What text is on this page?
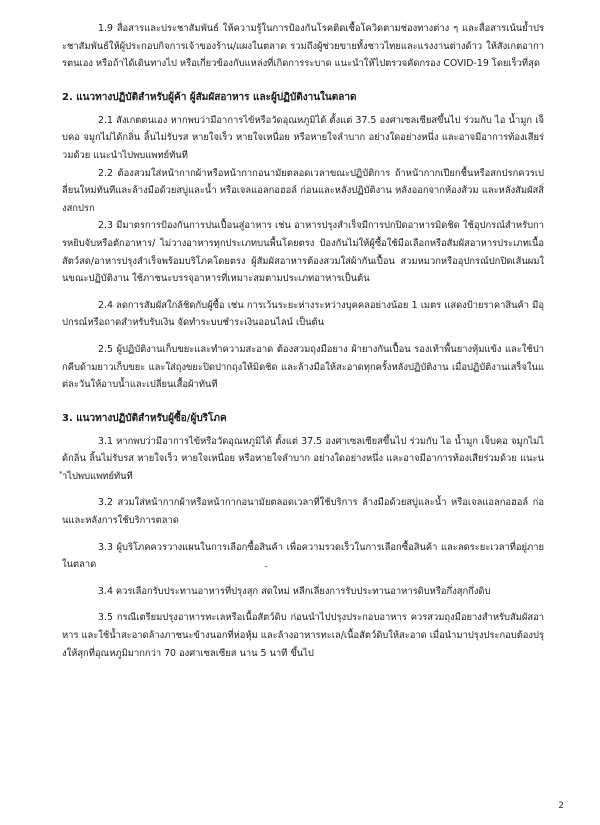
1.9 สื่อสารและประชาสัมพันธ์ ให้ความรู้ในการป้องกันโรคติดเชื้อโควิดตามช่องทางต่าง ๆ และสื่อสารเน้นย้ำประชาสัมพันธ์ให้ผู้ประกอบกิจการเจ้าของร้าน/แผงในตลาด รวมถึงผู้ช่วยขายทั้งชาวไทยและแรงงานต่างด้าว ให้สังเกตอาการตนเอง หรือถ้าได้เดินทางไป หรือเกี่ยวข้องกับแหล่งที่เกิดการระบาด แนะนำให้ไปตรวจคัดกรอง COVID-19 โดยเร็วที่สุด

2. แนวทางปฏิบัติสำหรับผู้ค้า ผู้สัมผัสอาหาร และผู้ปฏิบัติงานในตลาด

2.1 สังเกตตนเอง หากพบว่ามีอาการไข้หรือวัดอุณหภูมิได้ ตั้งแต่ 37.5 องศาเซลเซียสขึ้นไป ร่วมกับ ไอ น้ำมูก เจ็บคอ จมูกไม่ได้กลิ่น ลิ้นไม่รับรส หายใจเร็ว หายใจเหนื่อย หรือหายใจลำบาก อย่างใดอย่างหนึ่ง และอาจมีอาการท้องเสียร่วมด้วย แนะนำไปพบแพทย์ทันที

2.2 ต้องสวมใส่หน้ากากผ้าหรือหน้ากากอนามัยตลอดเวลาขณะปฏิบัติการ ถ้าหน้ากากเปียกชื้นหรือสกปรกควรเปลี่ยนใหม่ทันทีและล้างมือด้วยสบู่และน้ำ หรือเจลแอลกอฮอล์ ก่อนและหลังปฏิบัติงาน หลังออกจากห้องส้วม และหลังสัมผัสสิ่งสกปรก

2.3 มีมาตรการป้องกันการปนเปื้อนสู่อาหาร เช่น อาหารปรุงสำเร็จมีการปกปิดอาหารมิดชิด ใช้อุปกรณ์สำหรับการหยิบจับหรือตักอาหาร/ ไม่วางอาหารทุกประเภทบนพื้นโดยตรง ป้องกันไม่ให้ผู้ซื้อใช้มือเลือกหรือสัมผัสอาหารประเภทเนื้อสัตว์สด/อาหารปรุงสำเร็จพร้อมบริโภคโดยตรง ผู้สัมผัสอาหารต้องสวมใส่ผ้ากันเปื้อน สวมหมวกหรืออุปกรณ์ปกปิดเส้นผมในขณะปฏิบัติงาน ใช้ภาชนะบรรจุอาหารที่เหมาะสมตามประเภทอาหารเป็นต้น

2.4 ลดการสัมผัสใกล้ชิดกับผู้ซื้อ เช่น การเว้นระยะห่างระหว่างบุคคลอย่างน้อย 1 เมตร แสดงป้ายราคาสินค้า มีอุปกรณ์หรือถาดสำหรับรับเงิน จัดทำระบบชำระเงินออนไลน์ เป็นต้น

2.5 ผู้ปฏิบัติงานเก็บขยะและทำความสะอาด ต้องสวมถุงมือยาง ผ้ายางกันเปื้อน รองเท้าพื้นยางหุ้มแข้ง และใช้ปากคีบด้ามยาวเก็บขยะ และใส่ถุงขยะปิดปากถุงให้มิดชิด และล้างมือให้สะอาดทุกครั้งหลังปฏิบัติงาน เมื่อปฏิบัติงานเสร็จในแต่ละวันให้อาบน้ำและเปลี่ยนเสื้อผ้าทันที

3. แนวทางปฏิบัติสำหรับผู้ซื้อ/ผู้บริโภค

3.1 หากพบว่ามีอาการไข้หรือวัดอุณหภูมิได้ ตั้งแต่ 37.5 องศาเซลเซียสขึ้นไป ร่วมกับ ไอ น้ำมูก เจ็บคอ จมูกไม่ได้กลิ่น ลิ้นไม่รับรส หายใจเร็ว หายใจเหนื่อย หรือหายใจลำบาก อย่างใดอย่างหนึ่ง และอาจมีอาการท้องเสียร่วมด้วย แนะนำไปพบแพทย์ทันที

3.2 สวมใส่หน้ากากผ้าหรือหน้ากากอนามัยตลอดเวลาที่ใช้บริการ ล้างมือด้วยสบู่และน้ำ หรือเจลแอลกอฮอล์ ก่อนและหลังการใช้บริการตลาด

3.3 ผู้บริโภคควรวางแผนในการเลือกซื้อสินค้า เพื่อความรวดเร็วในการเลือกซื้อสินค้า และลดระยะเวลาที่อยู่ภายในตลาด

3.4 ควรเลือกรับประทานอาหารที่ปรุงสุก สดใหม่ หลีกเลี่ยงการรับประทานอาหารดิบหรือกึ่งสุกกึ่งดิบ

3.5 กรณีเตรียมปรุงอาหารทะเลหรือเนื้อสัตว์ดิบ ก่อนนำไปปรุงประกอบอาหาร ควรสวมถุงมือยางสำหรับสัมผัสอาหาร และใช้น้ำสะอาดล้างภาชนะข้างนอกที่ห่อหุ้ม และล้างอาหารทะเล/เนื้อสัตว์ดิบให้สะอาด เมื่อนำมาปรุงประกอบต้องปรุงให้สุกที่อุณหภูมิมากกว่า 70 องศาเซลเซียส นาน 5 นาที ขึ้นไป

˜
2
